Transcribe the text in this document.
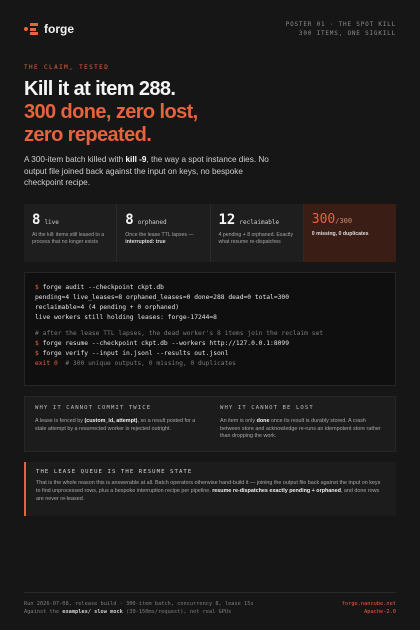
forge	POSTER 01 · THE SPOT KILL
300 ITEMS, ONE SIGKILL
THE CLAIM, TESTED
Kill it at item 288.
300 done, zero lost,
zero repeated.

A 300-item batch killed with kill -9, the way a spot instance dies. No output file joined back against the input on keys, no bespoke checkpoint recipe.

8 live
At the kill: items still leased to a process that no longer exists
8 orphaned
Once the lease TTL lapses — interrupted: true
12 reclaimable
4 pending + 8 orphaned. Exactly what resume re-dispatches
300/300
0 missing, 0 duplicates
$ forge audit --checkpoint ckpt.db
pending=4 live_leases=8 orphaned_leases=0 done=288 dead=0 total=300
reclaimable=4 (4 pending + 0 orphaned)
live workers still holding leases: forge-17244=8
# after the lease TTL lapses, the dead worker's 8 items join the reclaim set
$ forge resume --checkpoint ckpt.db --workers http://127.0.0.1:8099
$ forge verify --input in.jsonl --results out.jsonl
exit 0 # 300 unique outputs, 0 missing, 0 duplicates
WHY IT CANNOT COMMIT TWICE
A lease is fenced by (custom_id, attempt), so a result posted for a stale attempt by a resurrected worker is rejected outright.
WHY IT CANNOT BE LOST
An item is only done once its result is durably stored. A crash between store and acknowledge re-runs an idempotent store rather than dropping the work.
THE LEASE QUEUE IS THE RESUME STATE
That is the whole reason this is answerable at all. Batch operators otherwise hand-build it — joining the output file back against the input on keys to find unprocessed rows, plus a bespoke interruption recipe per pipeline. resume re-dispatches exactly pending + orphaned, and done rows are never re-leased.
Run 2026-07-08, release build · 300-item batch, concurrency 8, lease 15s
Against the examples/ slow mock (30-150ms/request), not real GPUs
forge.nancube.net
Apache-2.0
